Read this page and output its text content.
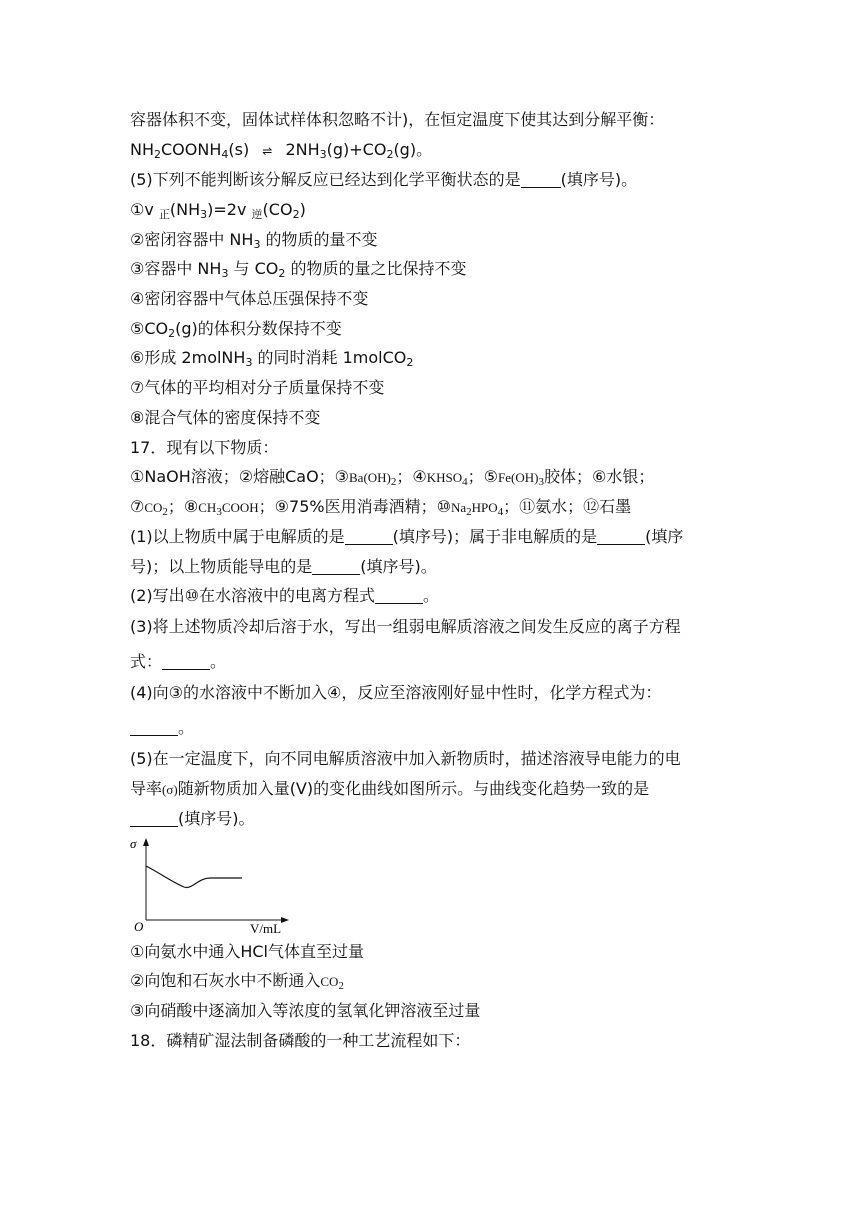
容器体积不变，固体试样体积忽略不计)，在恒定温度下使其达到分解平衡：
$NH_2COONH_4(s)$ ⇌ $2NH_3(g)+CO_2(g)$。
(5)下列不能判断该分解反应已经达到化学平衡状态的是	(填序号)。
①v $_正(NH_3)=2v$ $_逆(CO_2)$
②密闭容器中 $NH_3$ 的物质的量不变
③容器中 $NH_3$ 与 $CO_2$ 的物质的量之比保持不变
④密闭容器中气体总压强保持不变
$⑤CO_2(g)$的体积分数保持不变
⑥形成 2molNH$_3$ 的同时消耗 1molCO$_2$
⑦气体的平均相对分子质量保持不变
⑧混合气体的密度保持不变
17．现有以下物质：
①NaOH溶液；②熔融CaO；$③Ba(OH)_2$；$④KHSO_4$；$⑤Fe(OH)_3$胶体；⑥水银；
$⑦CO_2$；$⑧CH_3COOH$；⑨75%医用消毒酒精；$⑩Na_2HPO_4$；⑪氨水；⑫石墨
(1)以上物质中属于电解质的是	(填序号)；属于非电解质的是	(填序
号)；以上物质能导电的是	(填序号)。
(2)写出⑩在水溶液中的电离方程式	。
(3)将上述物质冷却后溶于水，写出一组弱电解质溶液之间发生反应的离子方程
式：	。
(4)向③的水溶液中不断加入④，反应至溶液刚好显中性时，化学方程式为：
。
(5)在一定温度下，向不同电解质溶液中加入新物质时，描述溶液导电能力的电
导率(σ)随新物质加入量(V)的变化曲线如图所示。与曲线变化趋势一致的是
(填序号)。
σ
O	V/mL
①向氨水中通入HCl气体直至过量
②向饱和石灰水中不断通入$CO_2$
③向硝酸中逐滴加入等浓度的氢氧化钾溶液至过量
18．磷精矿湿法制备磷酸的一种工艺流程如下：
